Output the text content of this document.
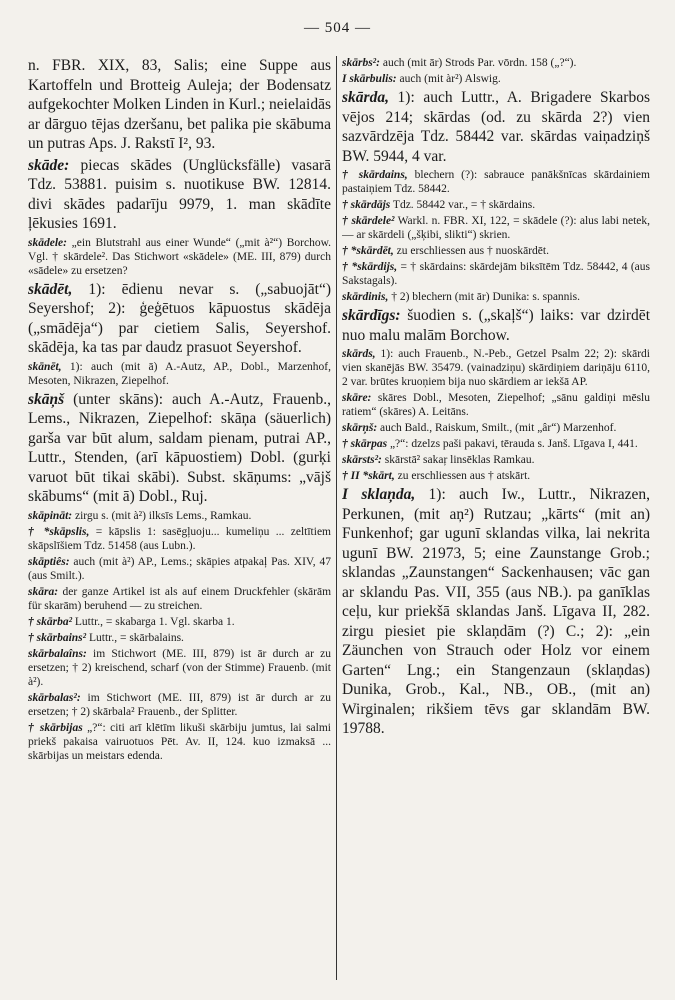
— 504 —

n. FBR. XIX, 83, Salis; eine Suppe aus Kartoffeln und Brotteig Auleja; der Bodensatz aufgekochter Molken Linden in Kurl.; neielaidās ar dārguo tējas dzeršanu, bet palika pie skābuma un putras Aps. J. Rakstī I², 93.

skāde: piecas skādes (Unglücksfälle) vasarā Tdz. 53881. puisim s. nuotikuse BW. 12814. divi skādes padarīju 9979, 1. man skādīte ļēkusies 1691.

skādele: „ein Blutstrahl aus einer Wunde“ („mit à²“) Borchow. Vgl. † skārdele². Das Stichwort «skādele» (ME. III, 879) durch «sādele» zu ersetzen?

skādēt, 1): ēdienu nevar s. („sabuojāt“) Seyershof; 2): ģeģētuos kāpuostus skādēja („smādēja“) par cietiem Salis, Seyershof. skādēja, ka tas par daudz prasuot Seyershof.

skānēt, 1): auch (mit ā) A.-Autz, AP., Dobl., Marzenhof, Mesoten, Nikrazen, Ziepelhof.

skāņš (unter skāns): auch A.-Autz, Frauenb., Lems., Nikrazen, Ziepelhof: skāņa (säuerlich) garša var būt alum, saldam pienam, putrai AP., Luttr., Stenden, (arī kāpuostiem) Dobl. (gurķi varuot būt tikai skābi). Subst. skāņums: „vājš skābums“ (mit ā) Dobl., Ruj.

skāpināt: zirgu s. (mit à²) ilksīs Lems., Ramkau.

† *skāpslis, = kāpslis 1: sasēgļuoju... kumeliņu ... zeltītiem skāpslīšiem Tdz. 51458 (aus Lubn.).

skāptiês: auch (mit à²) AP., Lems.; skāpies atpakaļ Pas. XIV, 47 (aus Smilt.).

skāra: der ganze Artikel ist als auf einem Druckfehler (skārām für skarām) beruhend — zu streichen.

† skārba² Luttr., = skabarga 1. Vgl. skarba 1.

† skārbains² Luttr., = skārbalains.

skārbalaîns: im Stichwort (ME. III, 879) ist ār durch ar zu ersetzen; † 2) kreischend, scharf (von der Stimme) Frauenb. (mit à²).

skārbalas²: im Stichwort (ME. III, 879) ist ār durch ar zu ersetzen; † 2) skārbala² Frauenb., der Splitter.

† skārbijas „?“: citi arī klētīm likuši skārbiju jumtus, lai salmi priekš pakaisa vairuotuos Pēt. Av. II, 124. kuo izmaksā ... skārbijas un meistars edenda.

skārbs²: auch (mit ār) Strods Par. vōrdn. 158 („?“).

I skārbulis: auch (mit àr²) Alswig.

skārda, 1): auch Luttr., A. Brigadere Skarbos vējos 214; skārdas (od. zu skārda 2?) vien sazvārdzēja Tdz. 58442 var. skārdas vaiņadziņš BW. 5944, 4 var.

† skārdains, blechern (?): sabrauce panākšnīcas skārdainiem pastaiņiem Tdz. 58442.

† skārdājs Tdz. 58442 var., = † skārdains.

† skārdele² Warkl. n. FBR. XI, 122, = skādele (?): alus labi netek, — ar skārdeli („šķibi, slikti“) skrien.

† *skārdēt, zu erschliessen aus † nuoskārdēt.

† *skārdijs, = † skārdains: skārdejām biksītēm Tdz. 58442, 4 (aus Sakstagals).

skārdinis, † 2) blechern (mit ār) Dunika: s. spannis.

skārdīgs: šuodien s. („skaļš“) laiks: var dzirdēt nuo malu malām Borchow.

skārds, 1): auch Frauenb., N.-Peb., Getzel Psalm 22; 2): skārdi vien skanējās BW. 35479. (vainadziņu) skārdiņiem dariņāju 6110, 2 var. brūtes kruoņiem bija nuo skārdiem ar iekšā AP.

skāre: skāres Dobl., Mesoten, Ziepelhof; „sānu galdiņi mēslu ratiem“ (skāres) A. Leitāns.

skārņš: auch Bald., Raiskum, Smilt., (mit „âr“) Marzenhof.

† skārpas „?“: dzelzs paši pakavi, tērauda s. Janš. Līgava I, 441.

skārsts²: skārstā² sakaŗ linsēklas Ramkau.

† II *skārt, zu erschliessen aus † atskārt.

I sklaņda, 1): auch Iw., Luttr., Nikrazen, Perkunen, (mit aņ²) Rutzau; „kārts“ (mit an) Funkenhof; gar ugunī sklandas vilka, lai nekrita ugunī BW. 21973, 5; eine Zaunstange Grob.; sklandas „Zaunstangen“ Sackenhausen; vāc gan ar sklandu Pas. VII, 355 (aus NB.). pa ganīklas ceļu, kur priekšā sklandas Janš. Līgava II, 282. zirgu piesiet pie sklaņdām (?) C.; 2): „ein Zäunchen von Strauch oder Holz vor einem Garten“ Lng.; ein Stangenzaun (sklaņdas) Dunika, Grob., Kal., NB., OB., (mit an) Wirginalen; rikšiem tēvs gar sklandām BW. 19788.
